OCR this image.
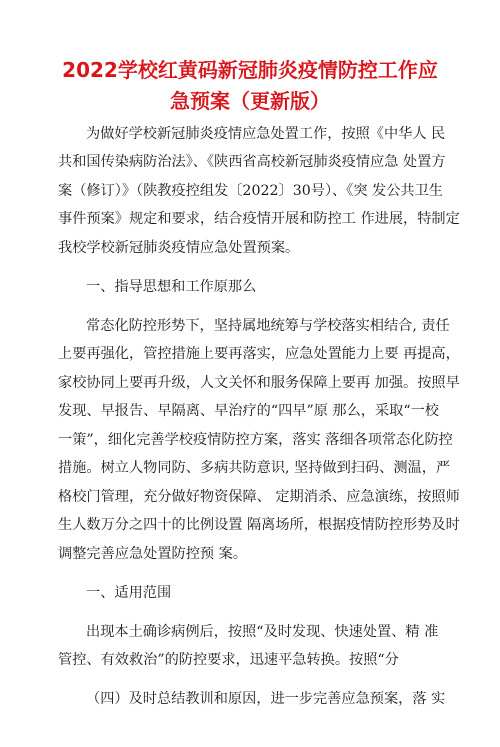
2022学校红黄码新冠肺炎疫情防控工作应
急预案（更新版）
为做好学校新冠肺炎疫情应急处置工作，按照《中华人 民
共和国传染病防治法》、《陕西省高校新冠肺炎疫情应急 处置方
案（修订）》（陕教疫控组发〔2022〕30号）、《突 发公共卫生
事件预案》规定和要求，结合疫情开展和防控工 作进展，特制定
我校学校新冠肺炎疫情应急处置预案。
一、指导思想和工作原那么
常态化防控形势下，坚持属地统筹与学校落实相结合, 责任
上要再强化，管控措施上要再落实，应急处置能力上要 再提高，
家校协同上要再升级，人文关怀和服务保障上要再 加强。按照早
发现、早报告、早隔离、早治疗的“四早”原 那么，采取“一校
一策”，细化完善学校疫情防控方案，落实 落细各项常态化防控
措施。树立人物同防、多病共防意识, 坚持做到扫码、测温，严
格校门管理，充分做好物资保障、 定期消杀、应急演练，按照师
生人数万分之四十的比例设置 隔离场所，根据疫情防控形势及时
调整完善应急处置防控预 案。
一、适用范围
出现本土确诊病例后，按照“及时发现、快速处置、精 准
管控、有效救治”的防控要求，迅速平急转换。按照“分
（四）及时总结教训和原因，进一步完善应急预案，落 实
